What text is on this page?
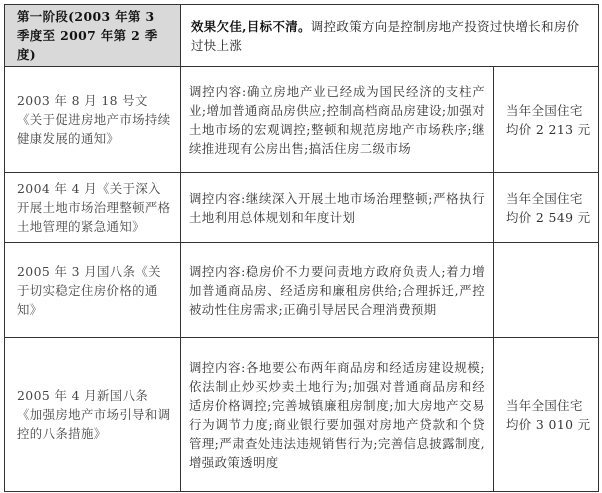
第一阶段(2003 年第 3 季度至 2007 年第 2 季度)	效果欠佳,目标不清。调控政策方向是控制房地产投资过快增长和房价过快上涨	
2003 年 8 月 18 号文《关于促进房地产市场持续健康发展的通知》	调控内容:确立房地产业已经成为国民经济的支柱产业;增加普通商品房供应;控制高档商品房建设;加强对土地市场的宏观调控;整顿和规范房地产市场秩序;继续推进现有公房出售;搞活住房二级市场	当年全国住宅
均价 2 213 元

2004 年 4 月《关于深入开展土地市场治理整顿严格土地管理的紧急通知》	调控内容:继续深入开展土地市场治理整顿;严格执行土地利用总体规划和年度计划	当年全国住宅
均价 2 549 元

2005 年 3 月国八条《关于切实稳定住房价格的通知》	调控内容:稳房价不力要问责地方政府负责人;着力增加普通商品房、经适房和廉租房供给;合理拆迁,严控被动性住房需求;正确引导居民合理消费预期	

2005 年 4 月新国八条《加强房地产市场引导和调控的八条措施》	调控内容:各地要公布两年商品房和经适房建设规模;依法制止炒买炒卖土地行为;加强对普通商品房和经适房价格调控;完善城镇廉租房制度;加大房地产交易行为调节力度;商业银行要加强对房地产贷款和个贷管理;严肃查处违法违规销售行为;完善信息披露制度,增强政策透明度	当年全国住宅
均价 3 010 元
